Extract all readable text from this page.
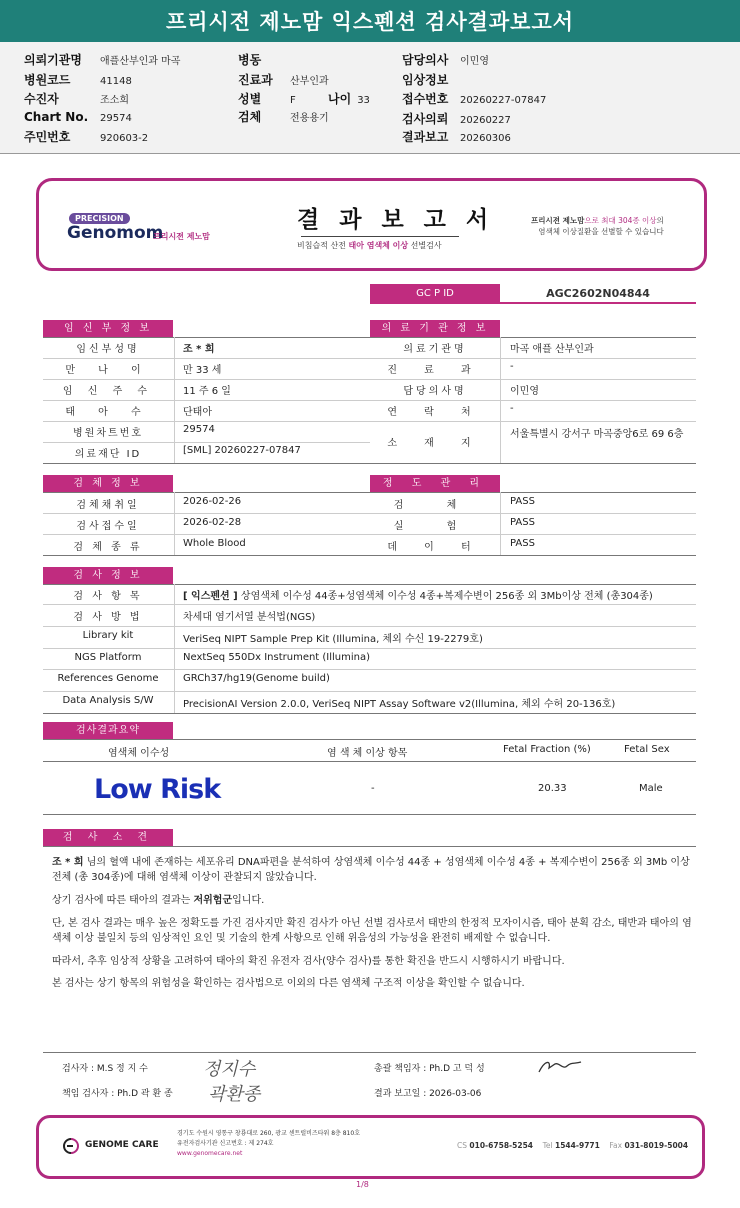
프리시전 제노맘 익스펜션 검사결과보고서
의뢰기관명 애플산부인과 마곡
병원코드	41148
수진자	조소희
Chart No. 29574
주민번호	920603-2
병동
진료과 산부인과
성별	F	나이 33
검체	전용용기
담당의사 이민영
임상정보
접수번호 20260227-07847
검사의뢰 20260227
결과보고 20260306
PRECISION
Genomom
프리시젼 제노맘
결 과 보 고 서
비침습적 산전 태아 염색체 이상 선별검사
프리시젼 제노맘으로 최대 304종 이상의
염색체 이상질환을 선별할 수 있습니다
GC P ID	AGC2602N04844
임 신 부 정 보	의 료 기 관 정 보
임신부성명	조 * 희
만 나 이	만 33 세
임 신 주 수	11 주 6 일
태 아 수	단태아
병원차트번호	29574
의료재단 ID	[SML] 20260227-07847
의료기관명	마곡 애플 산부인과
진 료 과	-
담당의사명	이민영
연 락 처	-
소 재 지
서울특별시 강서구 마곡중앙6로 69 6층
검 체 정 보	정 도 관 리
검체채취일	2026-02-26
검사접수일	2026-02-28
검 체 종 류	Whole Blood
검 체	PASS
실 험	PASS
데 이 터	PASS
검 사 정 보
검 사 항 목	[ 익스펜션 ] 상염색체 이수성 44종+성염색체 이수성 4종+복제수변이 256종 외 3Mb이상 전체 (총304종)
검 사 방 법	차세대 염기서열 분석법(NGS)
Library kit	VeriSeq NIPT Sample Prep Kit (Illumina, 체외 수신 19-2279호)
NGS Platform	NextSeq 550Dx Instrument (Illumina)
References Genome	GRCh37/hg19(Genome build)
Data Analysis S/W	PrecisionAI Version 2.0.0, VeriSeq NIPT Assay Software v2(Illumina, 체외 수허 20-136호)
검사결과요약
염색체 이수성	염 색 체 이상 항목	Fetal Fraction (%)	Fetal Sex
Low Risk	-	20.33	Male
검 사 소 견
조 * 희 님의 혈액 내에 존재하는 세포유리 DNA파편을 분석하여 상염색체 이수성 44종 + 성염색체 이수성 4종 + 복제수변이 256종 외 3Mb 이상 전체 (총 304종)에 대해 염색체 이상이 관찰되지 않았습니다.
상기 검사에 따른 태아의 결과는 저위험군입니다.
단, 본 검사 결과는 매우 높은 정확도를 가진 검사지만 확진 검사가 아닌 선별 검사로서 태반의 한정적 모자이시즘, 태아 분획 감소, 태반과 태아의 염색체 이상 불일치 등의 임상적인 요인 및 기술의 한계 사항으로 인해 위음성의 가능성을 완전히 배제할 수 없습니다.
따라서, 추후 임상적 상황을 고려하여 태아의 확진 유전자 검사(양수 검사)를 통한 확진을 반드시 시행하시기 바랍니다.
본 검사는 상기 항목의 위험성을 확인하는 검사법으로 이외의 다른 염색체 구조적 이상을 확인할 수 없습니다.
검사자 : M.S 정 지 수	정지수
책임 검사자 : Ph.D 곽 환 종 곽환종
총괄 책임자 : Ph.D 고 덕 성
결과 보고일 : 2026-03-06
GENOME CARE
경기도 수원시 영통구 창룡대로 260, 광교 센트럴비즈타워 8층 810호
유전자검사기관 신고번호 : 제 274호
www.genomecare.net
CS 010-6758-5254 Tel 1544-9771 Fax 031-8019-5004
1/8
